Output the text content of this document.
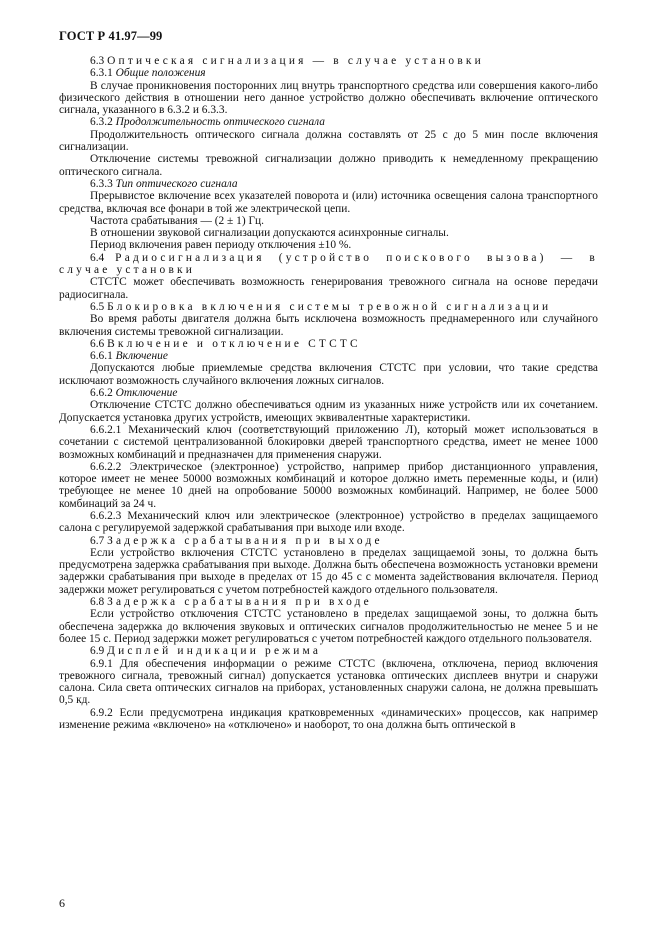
ГОСТ Р 41.97—99

6.3 Оптическая сигнализация — в случае установки

6.3.1 Общие положения

В случае проникновения посторонних лиц внутрь транспортного средства или совершения какого-либо физического действия в отношении него данное устройство должно обеспечивать включение оптического сигнала, указанного в 6.3.2 и 6.3.3.

6.3.2 Продолжительность оптического сигнала

Продолжительность оптического сигнала должна составлять от 25 с до 5 мин после включения сигнализации.

Отключение системы тревожной сигнализации должно приводить к немедленному прекращению оптического сигнала.

6.3.3 Тип оптического сигнала

Прерывистое включение всех указателей поворота и (или) источника освещения салона транспортного средства, включая все фонари в той же электрической цепи.

Частота срабатывания — (2 ± 1) Гц.

В отношении звуковой сигнализации допускаются асинхронные сигналы.

Период включения равен периоду отключения ±10 %.

6.4 Радиосигнализация (устройство поискового вызова) — в случае установки

СТСТС может обеспечивать возможность генерирования тревожного сигнала на основе передачи радиосигнала.

6.5 Блокировка включения системы тревожной сигнализации

Во время работы двигателя должна быть исключена возможность преднамеренного или случайного включения системы тревожной сигнализации.

6.6 Включение и отключение СТСТС

6.6.1 Включение

Допускаются любые приемлемые средства включения СТСТС при условии, что такие средства исключают возможность случайного включения ложных сигналов.

6.6.2 Отключение

Отключение СТСТС должно обеспечиваться одним из указанных ниже устройств или их сочетанием. Допускается установка других устройств, имеющих эквивалентные характеристики.

6.6.2.1 Механический ключ (соответствующий приложению Л), который может использоваться в сочетании с системой централизованной блокировки дверей транспортного средства, имеет не менее 1000 возможных комбинаций и предназначен для применения снаружи.

6.6.2.2 Электрическое (электронное) устройство, например прибор дистанционного управления, которое имеет не менее 50000 возможных комбинаций и которое должно иметь переменные коды, и (или) требующее не менее 10 дней на опробование 50000 возможных комбинаций. Например, не более 5000 комбинаций за 24 ч.

6.6.2.3 Механический ключ или электрическое (электронное) устройство в пределах защищаемого салона с регулируемой задержкой срабатывания при выходе или входе.

6.7 Задержка срабатывания при выходе

Если устройство включения СТСТС установлено в пределах защищаемой зоны, то должна быть предусмотрена задержка срабатывания при выходе. Должна быть обеспечена возможность установки времени задержки срабатывания при выходе в пределах от 15 до 45 с с момента задействования включателя. Период задержки может регулироваться с учетом потребностей каждого отдельного пользователя.

6.8 Задержка срабатывания при входе

Если устройство отключения СТСТС установлено в пределах защищаемой зоны, то должна быть обеспечена задержка до включения звуковых и оптических сигналов продолжительностью не менее 5 и не более 15 с. Период задержки может регулироваться с учетом потребностей каждого отдельного пользователя.

6.9 Дисплей индикации режима

6.9.1 Для обеспечения информации о режиме СТСТС (включена, отключена, период включения тревожного сигнала, тревожный сигнал) допускается установка оптических дисплеев внутри и снаружи салона. Сила света оптических сигналов на приборах, установленных снаружи салона, не должна превышать 0,5 кд.

6.9.2 Если предусмотрена индикация кратковременных «динамических» процессов, как например изменение режима «включено» на «отключено» и наоборот, то она должна быть оптической в

6
